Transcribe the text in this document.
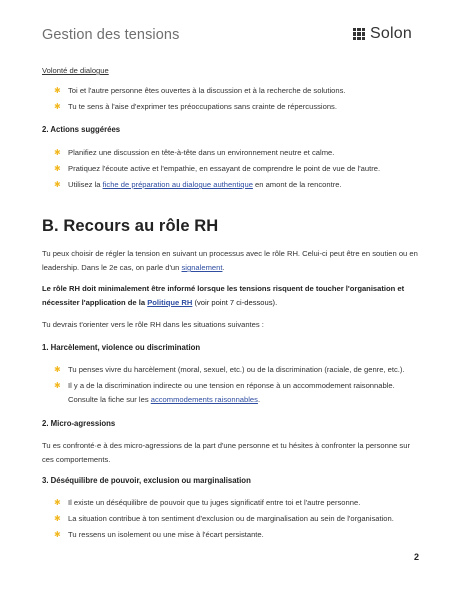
Gestion des tensions	Solon

Volonté de dialogue

✱ Toi et l'autre personne êtes ouvertes à la discussion et à la recherche de solutions.
✱ Tu te sens à l'aise d'exprimer tes préoccupations sans crainte de répercussions.

2. Actions suggérées

✱ Planifiez une discussion en tête-à-tête dans un environnement neutre et calme.
✱ Pratiquez l'écoute active et l'empathie, en essayant de comprendre le point de vue de l'autre.
✱ Utilisez la fiche de préparation au dialogue authentique en amont de la rencontre.
B. Recours au rôle RH

Tu peux choisir de régler la tension en suivant un processus avec le rôle RH. Celui-ci peut être en soutien ou en leadership. Dans le 2e cas, on parle d'un signalement.

Le rôle RH doit minimalement être informé lorsque les tensions risquent de toucher l'organisation et nécessiter l'application de la Politique RH (voir point 7 ci-dessous).

Tu devrais t'orienter vers le rôle RH dans les situations suivantes :

1. Harcèlement, violence ou discrimination

✱ Tu penses vivre du harcèlement (moral, sexuel, etc.) ou de la discrimination (raciale, de genre, etc.).
✱ Il y a de la discrimination indirecte ou une tension en réponse à un accommodement raisonnable. Consulte la fiche sur les accommodements raisonnables.

2. Micro-agressions

Tu es confronté·e à des micro-agressions de la part d'une personne et tu hésites à confronter la personne sur ces comportements.

3. Déséquilibre de pouvoir, exclusion ou marginalisation

✱ Il existe un déséquilibre de pouvoir que tu juges significatif entre toi et l'autre personne.
✱ La situation contribue à ton sentiment d'exclusion ou de marginalisation au sein de l'organisation.
✱ Tu ressens un isolement ou une mise à l'écart persistante.
2
